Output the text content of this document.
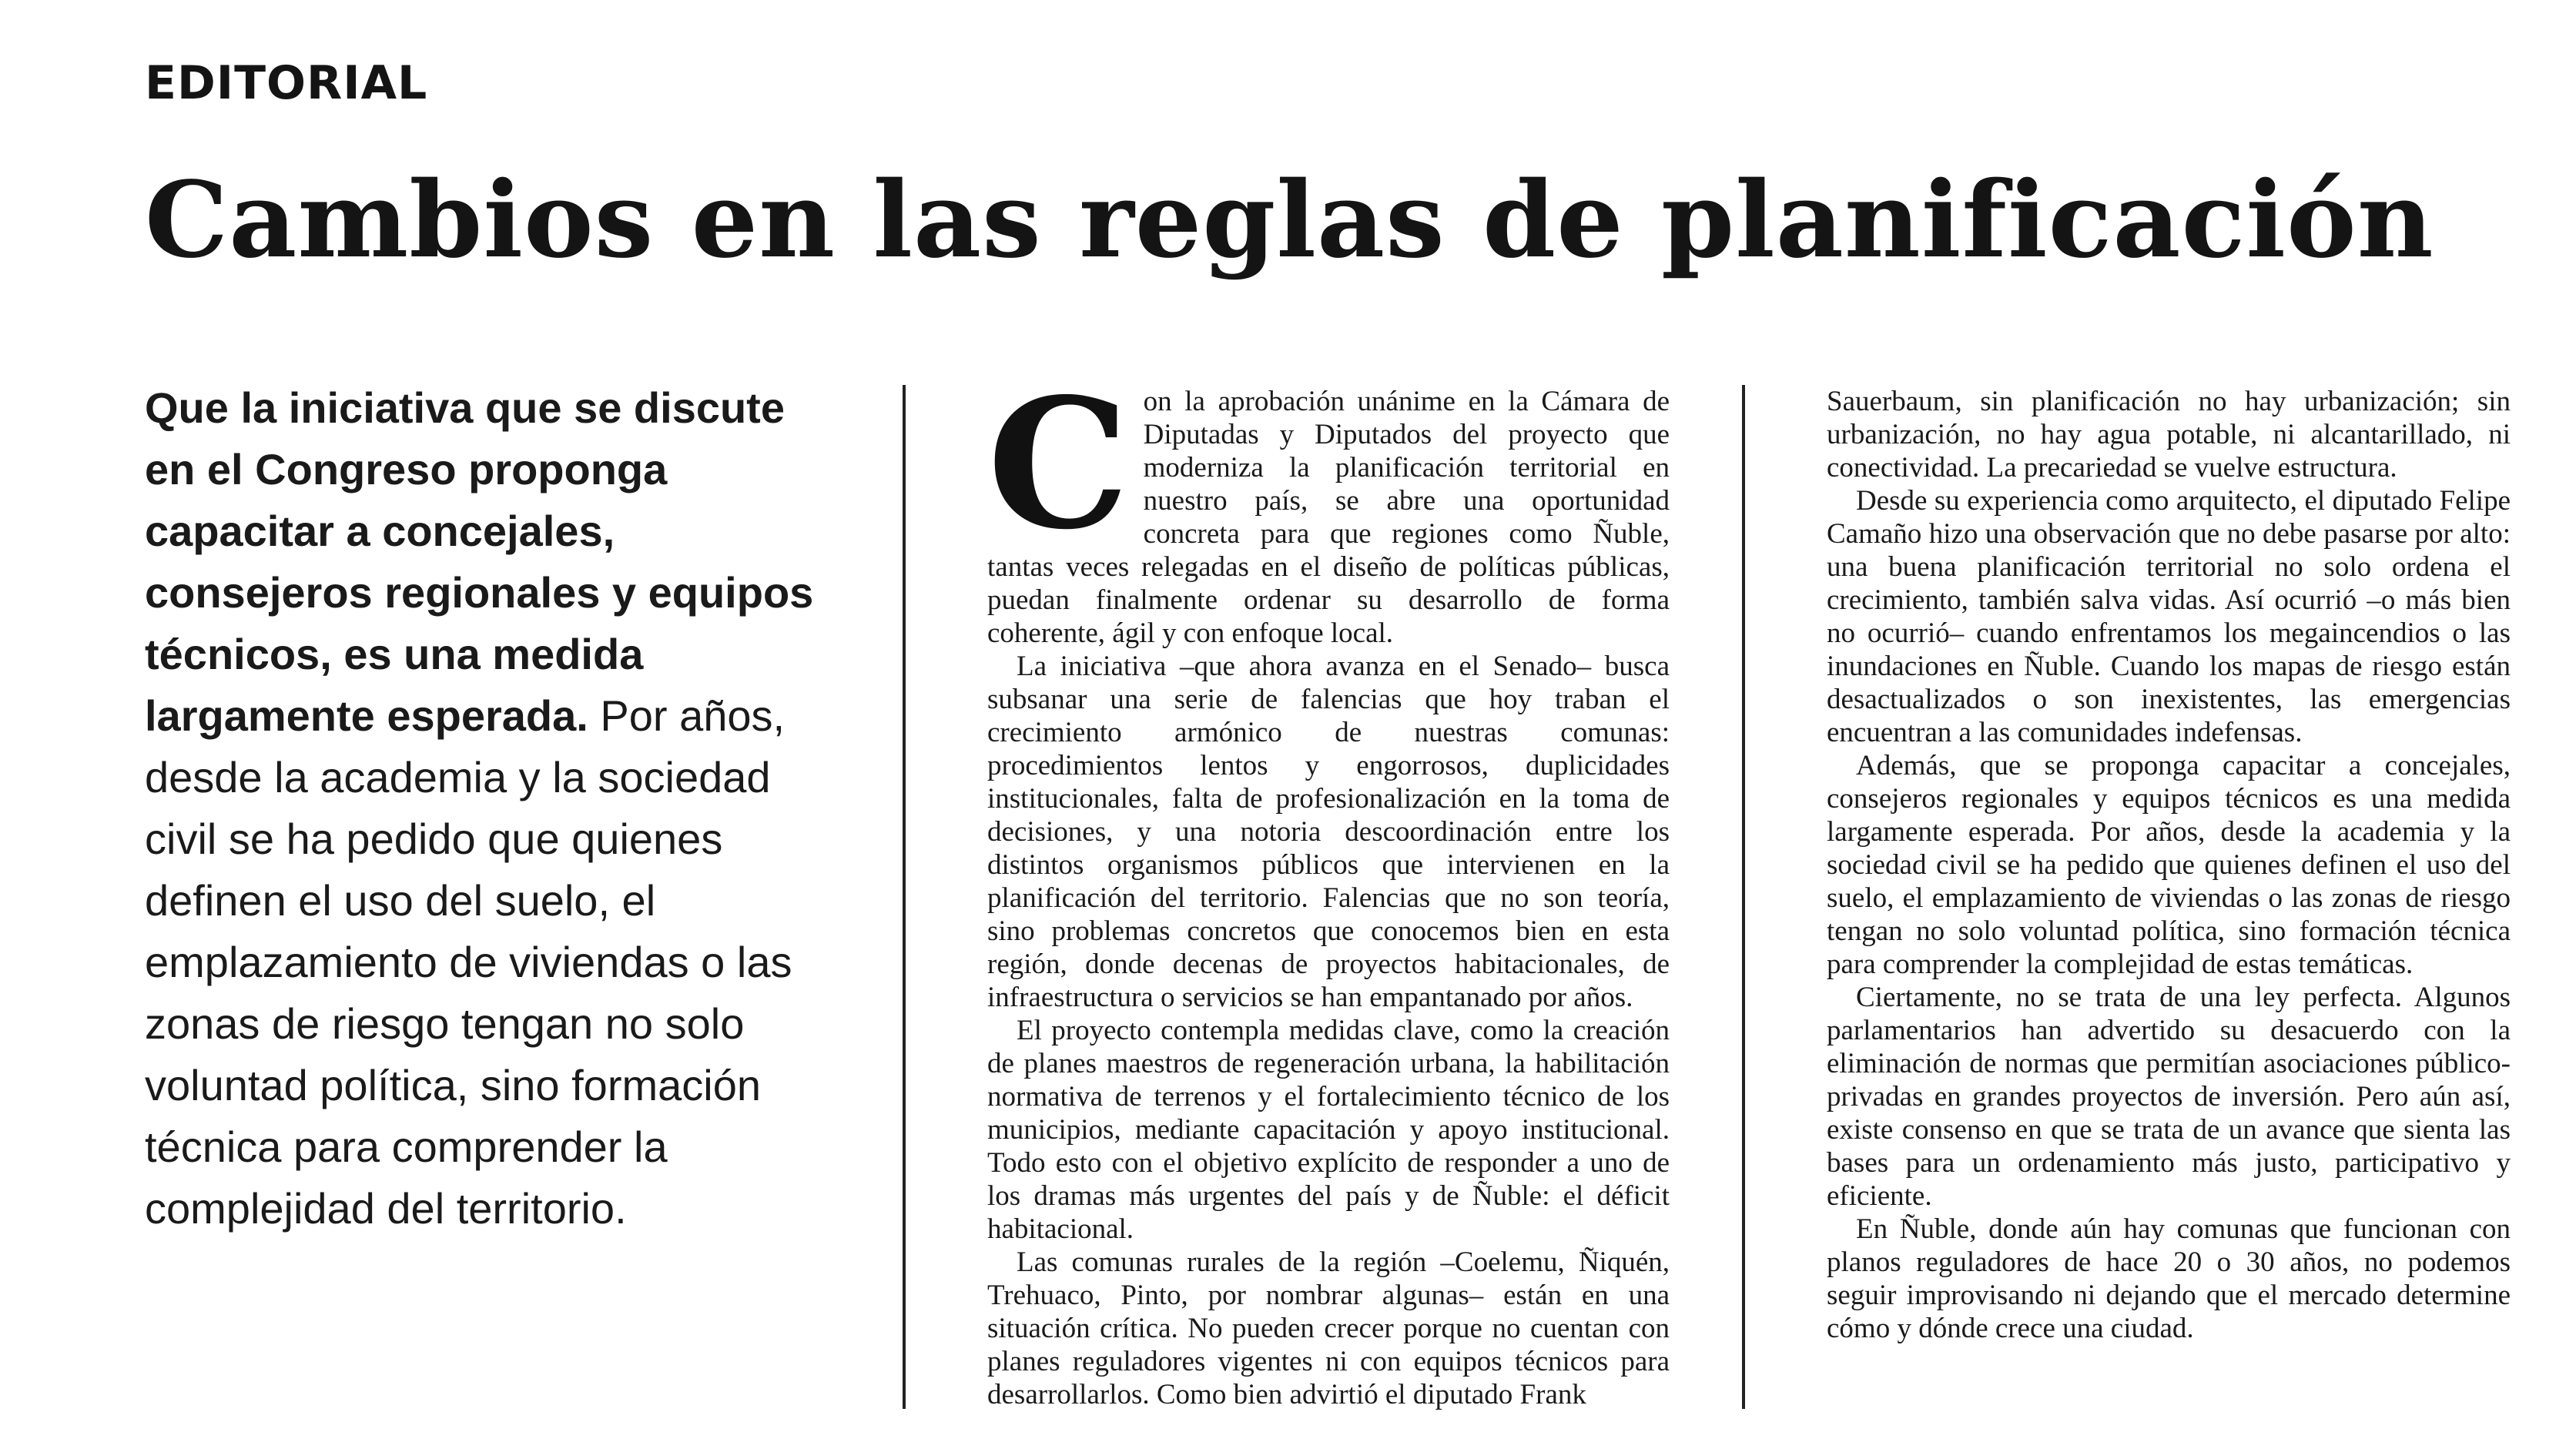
EDITORIAL
Cambios en las reglas de planificación

Que la iniciativa que se discute en el Congreso proponga capacitar a concejales, consejeros regionales y equipos técnicos, es una medida largamente esperada. Por años, desde la academia y la sociedad civil se ha pedido que quienes definen el uso del suelo, el emplazamiento de viviendas o las zonas de riesgo tengan no solo voluntad política, sino formación técnica para comprender la complejidad del territorio.

C on la aprobación unánime en la Cámara de Diputadas y Diputados del proyecto que moderniza la planificación territorial en nuestro país, se abre una oportunidad concreta para que regiones como Ñuble, tantas veces relegadas en el diseño de políticas públicas, puedan finalmente ordenar su desarrollo de forma coherente, ágil y con enfoque local.

La iniciativa –que ahora avanza en el Senado– busca subsanar una serie de falencias que hoy traban el crecimiento armónico de nuestras comunas: procedimientos lentos y engorrosos, duplicidades institucionales, falta de profesionalización en la toma de decisiones, y una notoria descoordinación entre los distintos organismos públicos que intervienen en la planificación del territorio. Falencias que no son teoría, sino problemas concretos que conocemos bien en esta región, donde decenas de proyectos habitacionales, de infraestructura o servicios se han empantanado por años.

El proyecto contempla medidas clave, como la creación de planes maestros de regeneración urbana, la habilitación normativa de terrenos y el fortalecimiento técnico de los municipios, mediante capacitación y apoyo institucional. Todo esto con el objetivo explícito de responder a uno de los dramas más urgentes del país y de Ñuble: el déficit habitacional.

Las comunas rurales de la región –Coelemu, Ñiquén, Trehuaco, Pinto, por nombrar algunas– están en una situación crítica. No pueden crecer porque no cuentan con planes reguladores vigentes ni con equipos técnicos para desarrollarlos. Como bien advirtió el diputado Frank

Sauerbaum, sin planificación no hay urbanización; sin urbanización, no hay agua potable, ni alcantarillado, ni conectividad. La precariedad se vuelve estructura.

Desde su experiencia como arquitecto, el diputado Felipe Camaño hizo una observación que no debe pasarse por alto: una buena planificación territorial no solo ordena el crecimiento, también salva vidas. Así ocurrió –o más bien no ocurrió– cuando enfrentamos los megaincendios o las inundaciones en Ñuble. Cuando los mapas de riesgo están desactualizados o son inexistentes, las emergencias encuentran a las comunidades indefensas.

Además, que se proponga capacitar a concejales, consejeros regionales y equipos técnicos es una medida largamente esperada. Por años, desde la academia y la sociedad civil se ha pedido que quienes definen el uso del suelo, el emplazamiento de viviendas o las zonas de riesgo tengan no solo voluntad política, sino formación técnica para comprender la complejidad de estas temáticas.

Ciertamente, no se trata de una ley perfecta. Algunos parlamentarios han advertido su desacuerdo con la eliminación de normas que permitían asociaciones público-privadas en grandes proyectos de inversión. Pero aún así, existe consenso en que se trata de un avance que sienta las bases para un ordenamiento más justo, participativo y eficiente.

En Ñuble, donde aún hay comunas que funcionan con planos reguladores de hace 20 o 30 años, no podemos seguir improvisando ni dejando que el mercado determine cómo y dónde crece una ciudad.
